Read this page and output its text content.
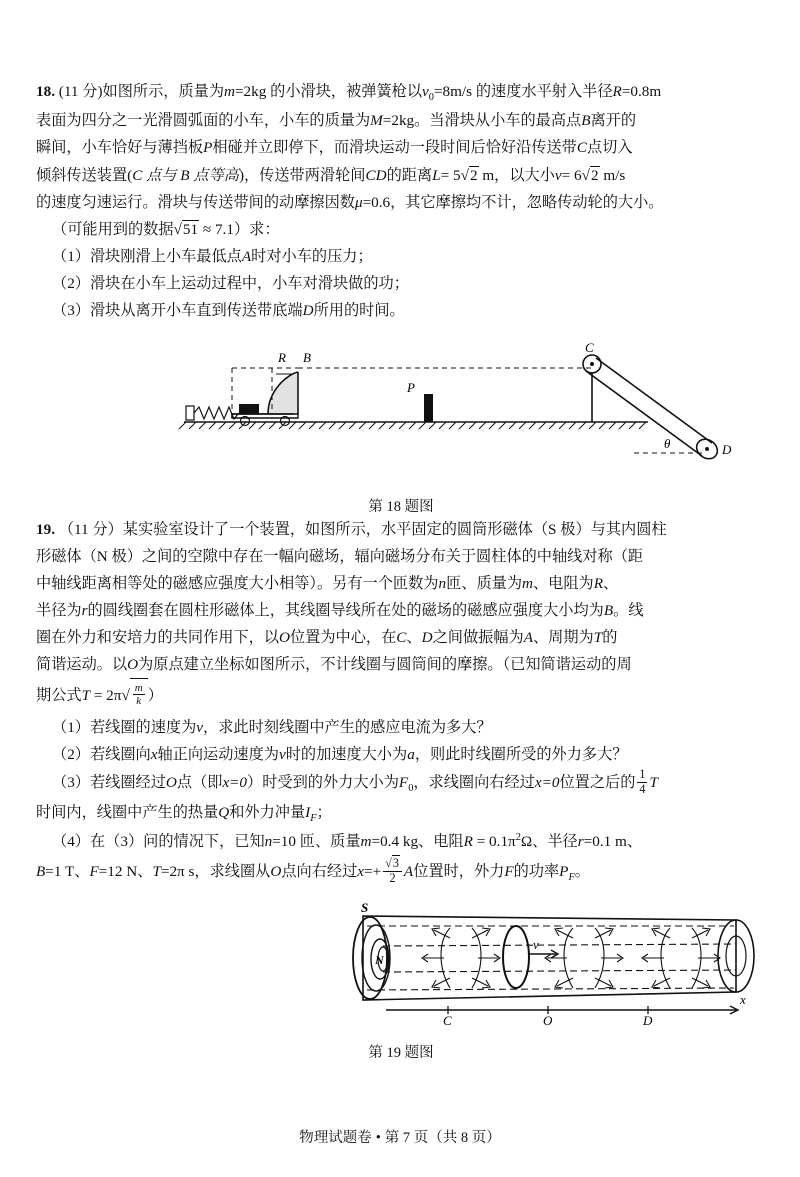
18. (11 分)如图所示，质量为m=2kg 的小滑块，被弹簧枪以$v_0=8m/s$ 的速度水平射入半径R=0.8m
表面为四分之一光滑圆弧面的小车，小车的质量为M=2kg。当滑块从小车的最高点B离开的
瞬间，小车恰好与薄挡板P相碰并立即停下，而滑块运动一段时间后恰好沿传送带C点切入
倾斜传送装置(C 点与 B 点等高)，传送带两滑轮间CD的距离L= 5√2 m，以大小v= 6√2 m/s
的速度匀速运行。滑块与传送带间的动摩擦因数μ=0.6，其它摩擦均不计，忽略传动轮的大小。
（可能用到的数据√51 ≈ 7.1）求：
（1）滑块刚滑上小车最低点A时对小车的压力；
（2）滑块在小车上运动过程中，小车对滑块做的功；
（3）滑块从离开小车直到传送带底端D所用的时间。
R B
P
C
θ	D
第 18 题图
19. （11 分）某实验室设计了一个装置，如图所示，水平固定的圆筒形磁体（S 极）与其内圆柱
形磁体（N 极）之间的空隙中存在一幅向磁场，辐向磁场分布关于圆柱体的中轴线对称（距
中轴线距离相等处的磁感应强度大小相等）。另有一个匝数为n匝、质量为m、电阻为R、
半径为r的圆线圈套在圆柱形磁体上，其线圈导线所在处的磁场的磁感应强度大小均为B。线
圈在外力和安培力的共同作用下，以O位置为中心，在C、D之间做振幅为A、周期为T的
简谐运动。以O为原点建立坐标如图所示，不计线圈与圆筒间的摩擦。（已知简谐运动的周
期公式$T = 2\pi√ \frac{m}{k}$ ）
（1）若线圈的速度为v，求此时刻线圈中产生的感应电流为多大？
（2）若线圈向x轴正向运动速度为v时的加速度大小为a，则此时线圈所受的外力多大？
（3）若线圈经过O点（即x=0）时受到的外力大小为$F_0$，求线圈向右经过x=0位置之后的 $\frac{1}{4}$ T
时间内，线圈中产生的热量Q和外力冲量$I_F$；
（4）在（3）问的情况下，已知n=10 匝、质量m=0.4 kg、电阻$R = 0.1\pi^2\Omega$、半径r=0.1 m、
B=1 T、F=12 N、T=2π s，求线圈从O点向右经过$x=+ \frac{√3}{2}$ A位置时，外力F的功率$P_F$。
S
N
v
C	O	D
x
第 19 题图
物理试题卷 • 第 7 页（共 8 页）
